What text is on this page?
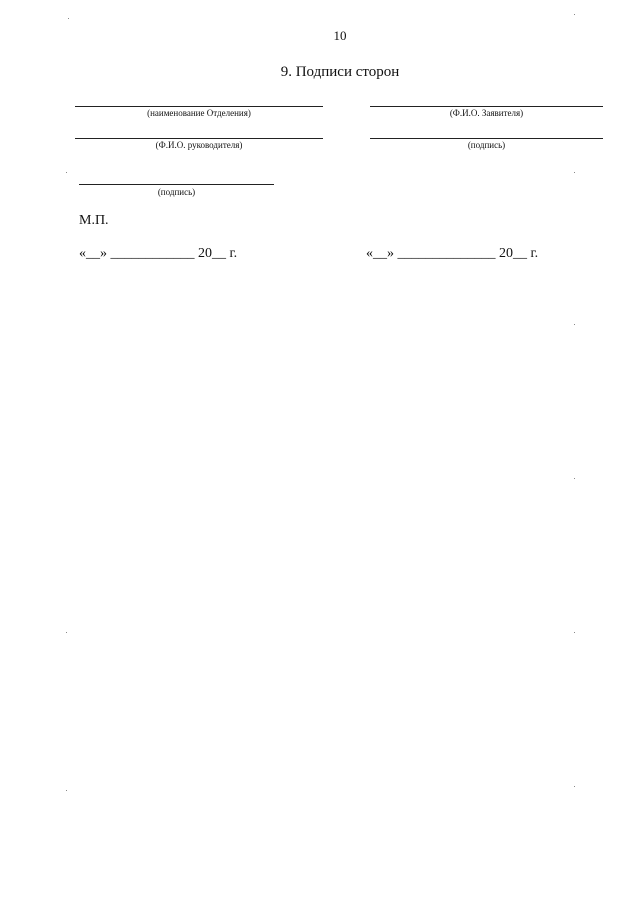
10
9. Подписи сторон
(наименование Отделения)
(Ф.И.О. руководителя)
(подпись)
М.П.
«__» ____________ 20__ г.
(Ф.И.О. Заявителя)
(подпись)
«__» ______________ 20__ г.
